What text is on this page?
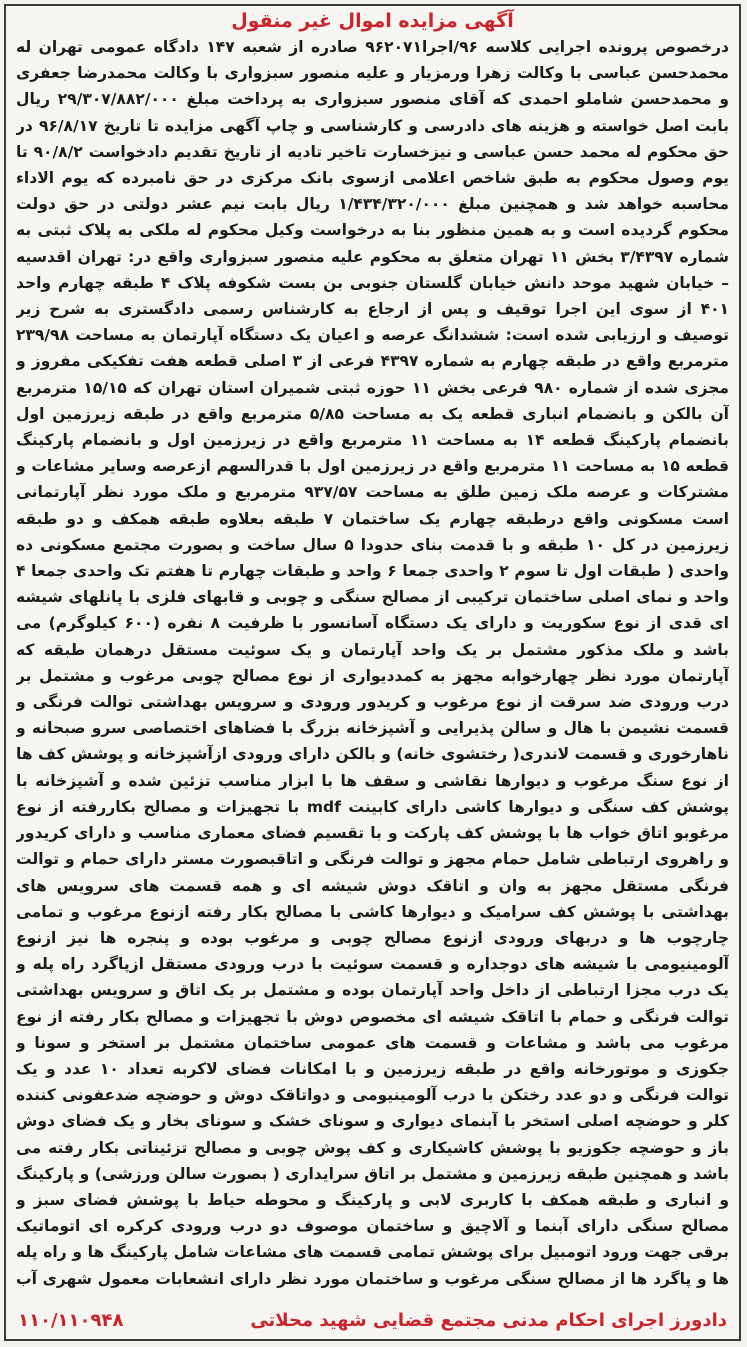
آگهی مزایده اموال غیر منقول
درخصوص پرونده اجرایی کلاسه ۹۶/اجرا۹۶۲۰۷۱ صادره از شعبه ۱۴۷ دادگاه عمومی تهران له محمدحسن عباسی با وکالت زهرا ورمزیار و علیه منصور سبزواری با وکالت محمدرضا جعفری و محمدحسن شاملو احمدی که آقای منصور سبزواری به پرداخت مبلغ ۲۹/۳۰۷/۸۸۲/۰۰۰ ریال بابت اصل خواسته و هزینه های دادرسی و کارشناسی و چاپ آگهی مزایده تا تاریخ ۹۶/۸/۱۷ در حق محکوم له محمد حسن عباسی و نیزخسارت تاخیر تادیه از تاریخ تقدیم دادخواست ۹۰/۸/۲ تا یوم وصول محکوم به طبق شاخص اعلامی ازسوی بانک مرکزی در حق نامبرده که یوم الاداء محاسبه خواهد شد و همچنین مبلغ ۱/۴۳۴/۳۲۰/۰۰۰ ریال بابت نیم عشر دولتی در حق دولت محکوم گردیده است و به همین منظور بنا به درخواست وکیل محکوم له ملکی به پلاک ثبتی به شماره ۳/۴۳۹۷ بخش ۱۱ تهران متعلق به محکوم علیه منصور سبزواری واقع در: تهران اقدسیه – خیابان شهید موحد دانش خیابان گلستان جنوبی بن بست شکوفه پلاک ۴ طبقه چهارم واحد ۴۰۱ از سوی این اجرا توقیف و پس از ارجاع به کارشناس رسمی دادگستری به شرح زیر توصیف و ارزیابی شده است: ششدانگ عرصه و اعیان یک دستگاه آپارتمان به مساحت ۲۳۹/۹۸ مترمربع واقع در طبقه چهارم به شماره ۴۳۹۷ فرعی از ۳ اصلی قطعه هفت تفکیکی مفروز و مجزی شده از شماره ۹۸۰ فرعی بخش ۱۱ حوزه ثبتی شمیران استان تهران که ۱۵/۱۵ مترمربع آن بالکن و بانضمام انباری قطعه یک به مساحت ۵/۸۵ مترمربع واقع در طبقه زیرزمین اول بانضمام پارکینگ قطعه ۱۴ به مساحت ۱۱ مترمربع واقع در زیرزمین اول و بانضمام پارکینگ قطعه ۱۵ به مساحت ۱۱ مترمربع واقع در زیرزمین اول با قدرالسهم ازعرصه وسایر مشاعات و مشترکات و عرصه ملک زمین طلق به مساحت ۹۳۷/۵۷ مترمربع و ملک مورد نظر آپارتمانی است مسکونی واقع درطبقه چهارم یک ساختمان ۷ طبقه بعلاوه طبقه همکف و دو طبقه زیرزمین در کل ۱۰ طبقه و با قدمت بنای حدودا ۵ سال ساخت و بصورت مجتمع مسکونی ده واحدی ( طبقات اول تا سوم ۲ واحدی جمعا ۶ واحد و طبقات چهارم تا هفتم تک واحدی جمعا ۴ واحد و نمای اصلی ساختمان ترکیبی از مصالح سنگی و چوبی و قابهای فلزی با پانلهای شیشه ای قدی از نوع سکوریت و دارای یک دستگاه آسانسور با ظرفیت ۸ نفره (۶۰۰ کیلوگرم) می باشد و ملک مذکور مشتمل بر یک واحد آپارتمان و یک سوئیت مستقل درهمان طبقه که آپارتمان مورد نظر چهارخوابه مجهز به کمددیواری از نوع مصالح چوبی مرغوب و مشتمل بر درب ورودی ضد سرقت از نوع مرغوب و کریدور ورودی و سرویس بهداشتی توالت فرنگی و قسمت نشیمن با هال و سالن پذیرایی و آشپزخانه بزرگ با فضاهای اختصاصی سرو صبحانه و ناهارخوری و قسمت لاندری( رختشوی خانه) و بالکن دارای ورودی ازآشپزخانه و پوشش کف ها از نوع سنگ مرغوب و دیوارها نقاشی و سقف ها با ابزار مناسب تزئین شده و آشپزخانه با پوشش کف سنگی و دیوارها کاشی دارای کابینت mdf با تجهیزات و مصالح بکاررفته از نوع مرغوبو اتاق خواب ها با پوشش کف پارکت و با تقسیم فضای معماری مناسب و دارای کریدور و راهروی ارتباطی شامل حمام مجهز و توالت فرنگی و اتاقبصورت مستر دارای حمام و توالت فرنگی مستقل مجهز به وان و اتاقک دوش شیشه ای و همه قسمت های سرویس های بهداشتی با پوشش کف سرامیک و دیوارها کاشی با مصالح بکار رفته ازنوع مرغوب و تمامی چارچوب ها و دربهای ورودی ازنوع مصالح چوبی و مرغوب بوده و پنجره ها نیز ازنوع آلومینیومی با شیشه های دوجداره و قسمت سوئیت با درب ورودی مستقل ازپاگرد راه پله و یک درب مجزا ارتباطی از داخل واحد آپارتمان بوده و مشتمل بر یک اتاق و سرویس بهداشتی توالت فرنگی و حمام با اتاقک شیشه ای مخصوص دوش با تجهیزات و مصالح بکار رفته از نوع مرغوب می باشد و مشاعات و قسمت های عمومی ساختمان مشتمل بر استخر و سونا و جکوزی و موتورخانه واقع در طبقه زیرزمین و با امکانات فضای لاکربه تعداد ۱۰ عدد و یک توالت فرنگی و دو عدد رختکن با درب آلومینیومی و دواتاقک دوش و حوضچه ضدعفونی کننده کلر و حوضچه اصلی استخر با آبنمای دیواری و سونای خشک و سونای بخار و یک فضای دوش باز و حوضچه جکوزیو با پوشش کاشیکاری و کف پوش چوبی و مصالح تزئیناتی بکار رفته می باشد و همچنین طبقه زیرزمین و مشتمل بر اتاق سرایداری ( بصورت سالن ورزشی) و پارکینگ و انباری و طبقه همکف با کاربری لابی و پارکینگ و محوطه حیاط با پوشش فضای سبز و مصالح سنگی دارای آبنما و آلاچیق و ساختمان موصوف دو درب ورودی کرکره ای اتوماتیک برقی جهت ورود اتومبیل برای پوشش تمامی قسمت های مشاعات شامل پارکینگ ها و راه پله ها و پاگرد ها از مصالح سنگی مرغوب و ساختمان مورد نظر دارای انشعابات معمول شهری آب
دادورز اجرای احکام مدنی مجتمع قضایی شهید محلاتی
۱۱۰/۱۱۰۹۴۸
